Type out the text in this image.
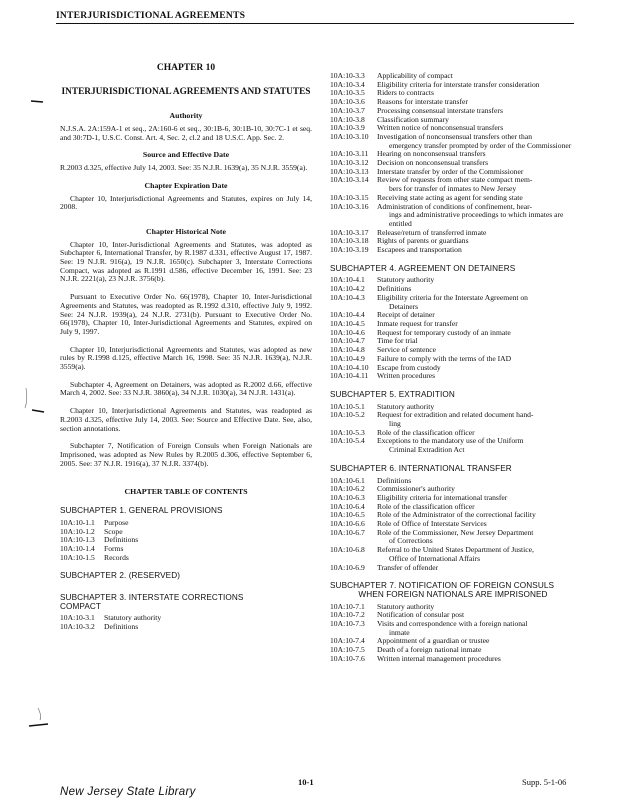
INTERJURISDICTIONAL AGREEMENTS
CHAPTER 10
INTERJURISDICTIONAL AGREEMENTS AND STATUTES
Authority

N.J.S.A. 2A:159A-1 et seq., 2A:160-6 et seq., 30:1B-6, 30:1B-10, 30:7C-1 et seq. and 30:7D-1, U.S.C. Const. Art. 4, Sec. 2, cl.2 and 18 U.S.C. App. Sec. 2.

Source and Effective Date

R.2003 d.325, effective July 14, 2003. See: 35 N.J.R. 1639(a), 35 N.J.R. 3559(a).

Chapter Expiration Date

Chapter 10, Interjurisdictional Agreements and Statutes, expires on July 14, 2008.

Chapter Historical Note

Chapter 10, Inter-Jurisdictional Agreements and Statutes, was adopted as Subchapter 6, International Transfer, by R.1987 d.331, effective August 17, 1987. See: 19 N.J.R. 916(a), 19 N.J.R. 1650(c). Subchapter 3, Interstate Corrections Compact, was adopted as R.1991 d.586, effective December 16, 1991. See: 23 N.J.R. 2221(a), 23 N.J.R. 3756(b).

Pursuant to Executive Order No. 66(1978), Chapter 10, Inter-Jurisdictional Agreements and Statutes, was readopted as R.1992 d.310, effective July 9, 1992. See: 24 N.J.R. 1939(a), 24 N.J.R. 2731(b). Pursuant to Executive Order No. 66(1978), Chapter 10, Inter-Jurisdictional Agreements and Statutes, expired on July 9, 1997.

Chapter 10, Interjurisdictional Agreements and Statutes, was adopted as new rules by R.1998 d.125, effective March 16, 1998. See: 35 N.J.R. 1639(a), N.J.R. 3559(a).

Subchapter 4, Agreement on Detainers, was adopted as R.2002 d.66, effective March 4, 2002. See: 33 N.J.R. 3860(a), 34 N.J.R. 1030(a), 34 N.J.R. 1431(a).

Chapter 10, Interjurisdictional Agreements and Statutes, was readopted as R.2003 d.325, effective July 14, 2003. See: Source and Effective Date. See, also, section annotations.

Subchapter 7, Notification of Foreign Consuls when Foreign Nationals are Imprisoned, was adopted as New Rules by R.2005 d.306, effective September 6, 2005. See: 37 N.J.R. 1916(a), 37 N.J.R. 3374(b).

CHAPTER TABLE OF CONTENTS
SUBCHAPTER 1. GENERAL PROVISIONS
10A:10-1.1	Purpose
10A:10-1.2	Scope
10A:10-1.3	Definitions
10A:10-1.4	Forms
10A:10-1.5	Records
SUBCHAPTER 2. (RESERVED)
SUBCHAPTER 3. INTERSTATE CORRECTIONS COMPACT
10A:10-3.1	Statutory authority
10A:10-3.2	Definitions
10A:10-3.3	Applicability of compact
10A:10-3.4	Eligibility criteria for interstate transfer consideration
10A:10-3.5	Riders to contracts
10A:10-3.6	Reasons for interstate transfer
10A:10-3.7	Processing consensual interstate transfers
10A:10-3.8	Classification summary
10A:10-3.9	Written notice of nonconsensual transfers
10A:10-3.10	Investigation of nonconsensual transfers other than
emergency transfer prompted by order of the Commissioner
10A:10-3.11	Hearing on nonconsensual transfers
10A:10-3.12	Decision on nonconsensual transfers
10A:10-3.13	Interstate transfer by order of the Commissioner
10A:10-3.14	Review of requests from other state compact mem-
bers for transfer of inmates to New Jersey
10A:10-3.15	Receiving state acting as agent for sending state
10A:10-3.16	Administration of conditions of confinement, hear-
ings and administrative proceedings to which inmates are entitled
10A:10-3.17	Release/return of transferred inmate
10A:10-3.18	Rights of parents or guardians
10A:10-3.19	Escapees and transportation
SUBCHAPTER 4. AGREEMENT ON DETAINERS
10A:10-4.1	Statutory authority
10A:10-4.2	Definitions
10A:10-4.3	Eligibility criteria for the Interstate Agreement on
Detainers
10A:10-4.4	Receipt of detainer
10A:10-4.5	Inmate request for transfer
10A:10-4.6	Request for temporary custody of an inmate
10A:10-4.7	Time for trial
10A:10-4.8	Service of sentence
10A:10-4.9	Failure to comply with the terms of the IAD
10A:10-4.10	Escape from custody
10A:10-4.11	Written procedures
SUBCHAPTER 5. EXTRADITION
10A:10-5.1	Statutory authority
10A:10-5.2	Request for extradition and related document hand-
ling
10A:10-5.3	Role of the classification officer
10A:10-5.4	Exceptions to the mandatory use of the Uniform
Criminal Extradition Act
SUBCHAPTER 6. INTERNATIONAL TRANSFER
10A:10-6.1	Definitions
10A:10-6.2	Commissioner's authority
10A:10-6.3	Eligibility criteria for international transfer
10A:10-6.4	Role of the classification officer
10A:10-6.5	Role of the Administrator of the correctional facility
10A:10-6.6	Role of Office of Interstate Services
10A:10-6.7	Role of the Commissioner, New Jersey Department
of Corrections
10A:10-6.8	Referral to the United States Department of Justice,
Office of International Affairs
10A:10-6.9	Transfer of offender
SUBCHAPTER 7. NOTIFICATION OF FOREIGN CONSULS
WHEN FOREIGN NATIONALS ARE IMPRISONED
10A:10-7.1	Statutory authority
10A:10-7.2	Notification of consular post
10A:10-7.3	Visits and correspondence with a foreign national
inmate
10A:10-7.4	Appointment of a guardian or trustee
10A:10-7.5	Death of a foreign national inmate
10A:10-7.6	Written internal management procedures
10-1	Supp. 5-1-06
New Jersey State Library
